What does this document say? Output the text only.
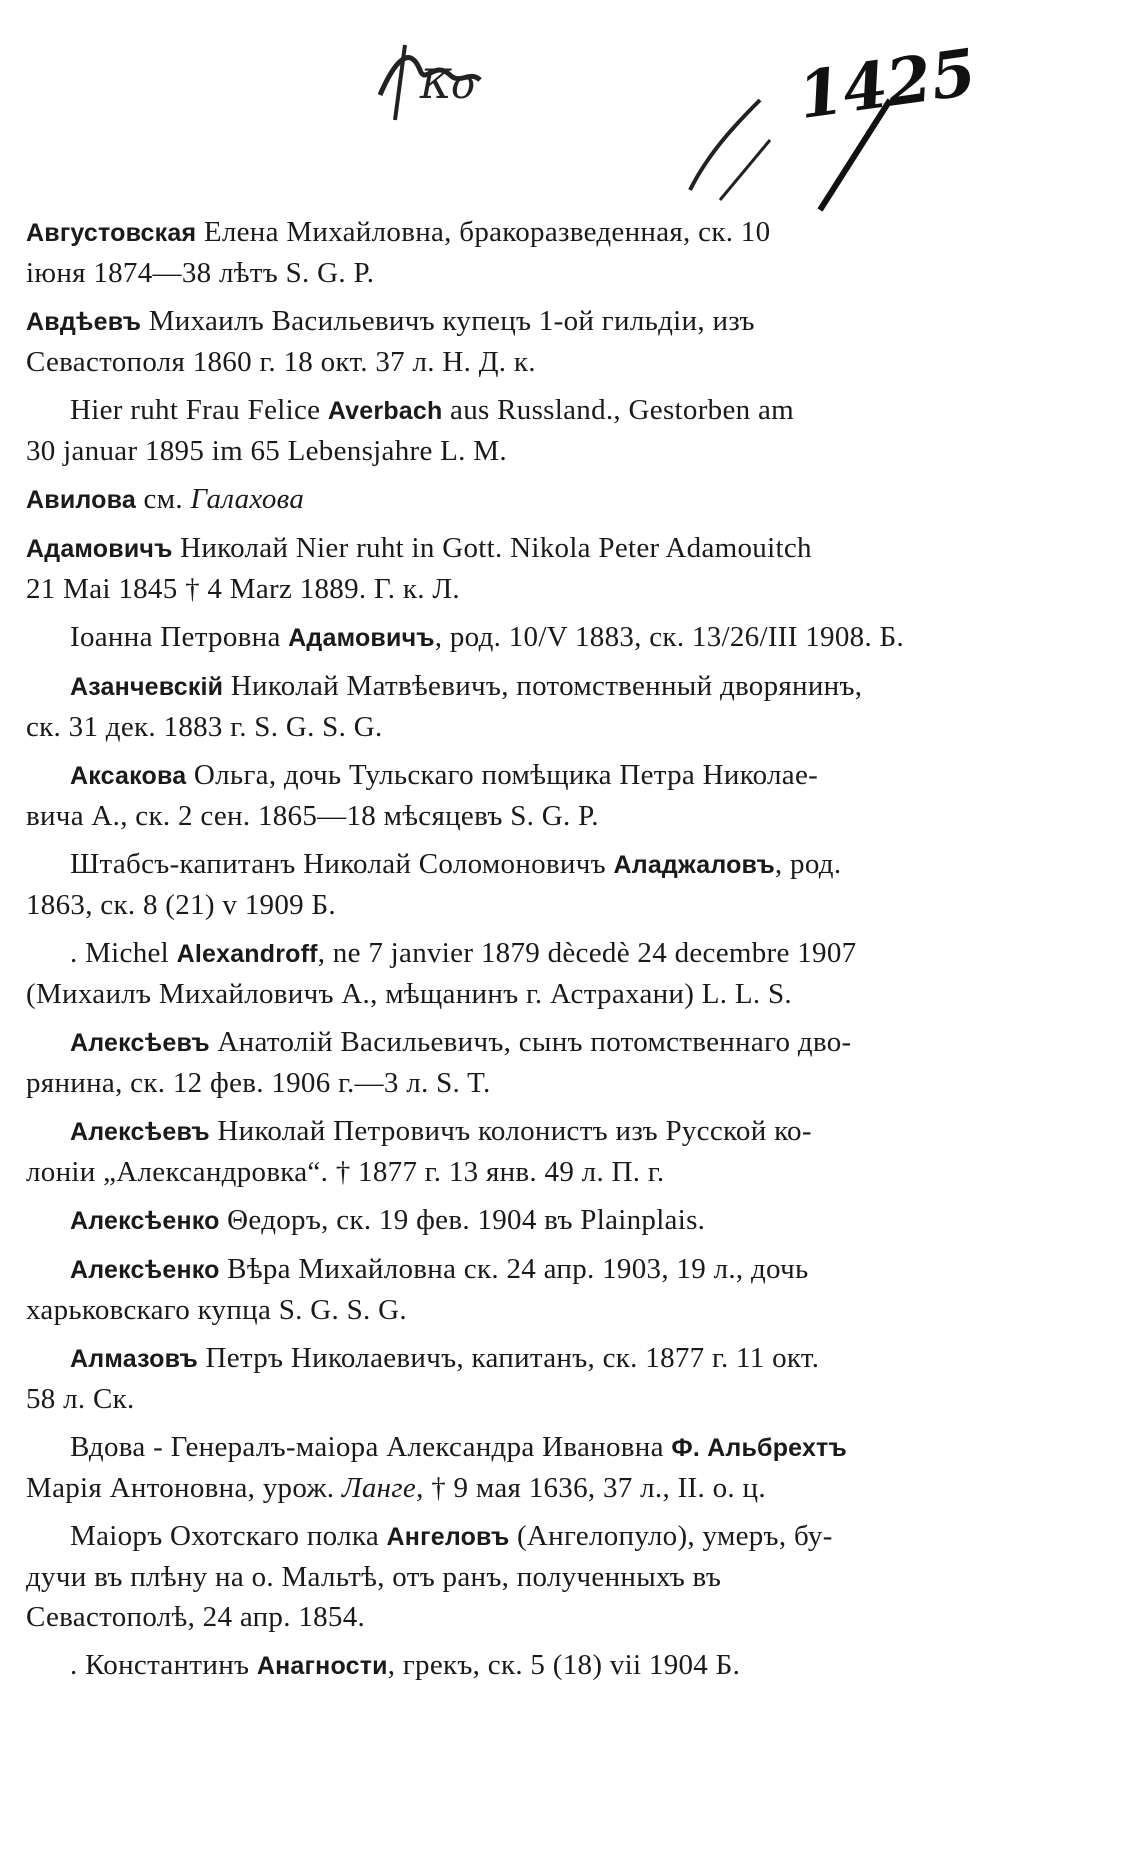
Ко	1425
Августовская Елена Михайловна, бракоразведенная, ск. 10
іюня 1874—38 лѣтъ S. G. P.
Авдѣевъ Михаилъ Васильевичъ купецъ 1-ой гильдіи, изъ
Севастополя 1860 г. 18 окт. 37 л. Н. Д. к.
Hier ruht Frau Felice Averbach aus Russland., Gestorben am
30 januar 1895 im 65 Lebensjahre L. M.
Авилова см. Галахова
Адамовичъ Николай Nier ruht in Gott. Nikola Peter Adamouitch
21 Mai 1845 † 4 Marz 1889. Г. к. Л.
Іоанна Петровна Адамовичъ, род. 10/V 1883, ск. 13/26/III 1908. Б.
Азанчевскій Николай Матвѣевичъ, потомственный дворянинъ,
ск. 31 дек. 1883 г. S. G. S. G.
Аксакова Ольга, дочь Тульскаго помѣщика Петра Николае-
вича А., ск. 2 сен. 1865—18 мѣсяцевъ S. G. P.
Штабсъ-капитанъ Николай Соломоновичъ Аладжаловъ, род.
1863, ск. 8 (21) v 1909 Б.
. Michel Alexandroff, ne 7 janvier 1879 dècedè 24 decembre 1907
(Михаилъ Михайловичъ А., мѣщанинъ г. Астрахани) L. L. S.
Алексѣевъ Анатолій Васильевичъ, сынъ потомственнаго дво-
рянина, ск. 12 фев. 1906 г.—3 л. S. T.
Алексѣевъ Николай Петровичъ колонистъ изъ Русской ко-
лоніи „Александровка“. † 1877 г. 13 янв. 49 л. П. г.
Алексѣенко Θедоръ, ск. 19 фев. 1904 въ Plainplais.
Алексѣенко Вѣра Михайловна ск. 24 апр. 1903, 19 л., дочь
харьковскаго купца S. G. S. G.
Алмазовъ Петръ Николаевичъ, капитанъ, ск. 1877 г. 11 окт.
58 л. Ск.
Вдова - Генералъ-маіора Александра Ивановна Ф. Альбрехтъ
Марія Антоновна, урож. Ланге, † 9 мая 1636, 37 л., II. о. ц.
Маіоръ Охотскаго полка Ангеловъ (Ангелопуло), умеръ, бу-
дучи въ плѣну на о. Мальтѣ, отъ ранъ, полученныхъ въ
Севастополѣ, 24 апр. 1854.
. Константинъ Анагности, грекъ, ск. 5 (18) vii 1904 Б.
